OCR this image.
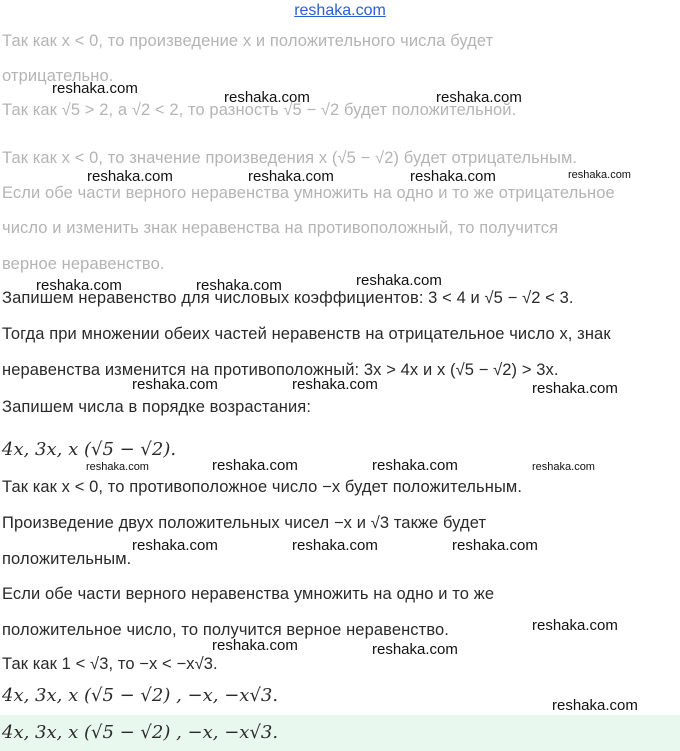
reshaka.com
Так как x < 0, то произведение x и положительного числа будет
отрицательно.
Так как √5 > 2, а √2 < 2, то разность √5 − √2 будет положительной.
Так как x < 0, то значение произведения x (√5 − √2) будет отрицательным.
Если обе части верного неравенства умножить на одно и то же отрицательное
число и изменить знак неравенства на противоположный, то получится
верное неравенство.
Запишем неравенство для числовых коэффициентов: 3 < 4 и √5 − √2 < 3.
Тогда при множении обеих частей неравенств на отрицательное число x, знак
неравенства изменится на противоположный: 3x > 4x и x (√5 − √2) > 3x.
Запишем числа в порядке возрастания:
4x, 3x, x (√5 − √2).
Так как x < 0, то противоположное число −x будет положительным.
Произведение двух положительных чисел −x и √3 также будет
положительным.
Если обе части верного неравенства умножить на одно и то же
положительное число, то получится верное неравенство.
Так как 1 < √3, то −x < −x√3.
4x, 3x, x (√5 − √2) , −x, −x√3.
4x, 3x, x (√5 − √2) , −x, −x√3.
reshaka.com
reshaka.com	reshaka.com
reshaka.com	reshaka.com	reshaka.com	reshaka.com
reshaka.com	reshaka.com	reshaka.com
reshaka.com	reshaka.com	reshaka.com
reshaka.com	reshaka.com	reshaka.com	reshaka.com
reshaka.com	reshaka.com	reshaka.com
reshaka.com
reshaka.com	reshaka.com
reshaka.com
